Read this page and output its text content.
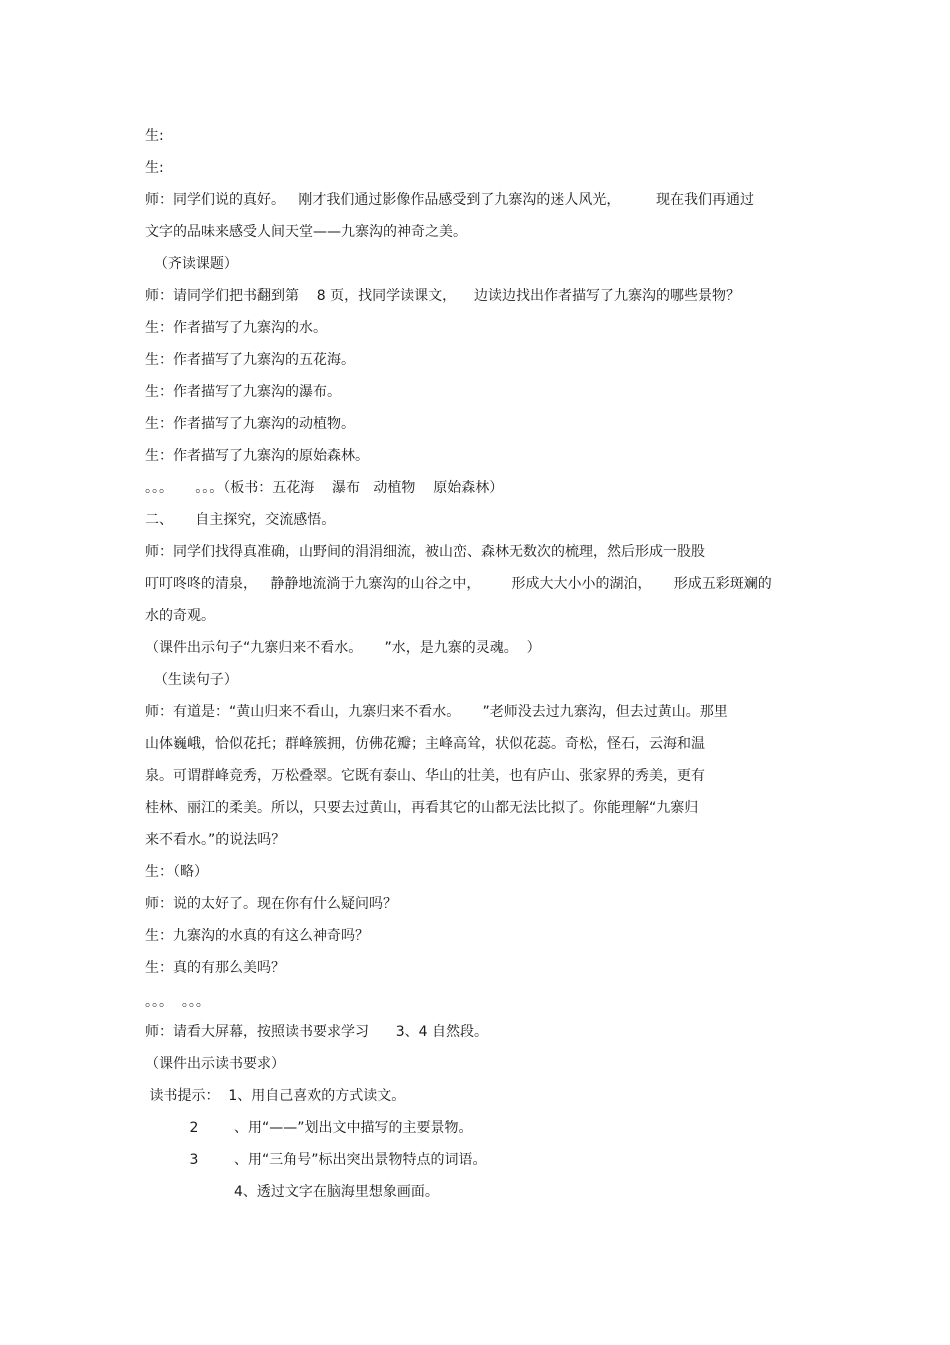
生:
生:
师：同学们说的真好。   刚才我们通过影像作品感受到了九寨沟的迷人风光，        现在我们再通过
文字的品味来感受人间天堂——九寨沟的神奇之美。
（齐读课题）
师：请同学们把书翻到第    8 页，找同学读课文，    边读边找出作者描写了九寨沟的哪些景物？
生：作者描写了九寨沟的水。
生：作者描写了九寨沟的五花海。
生：作者描写了九寨沟的瀑布。
生：作者描写了九寨沟的动植物。
生：作者描写了九寨沟的原始森林。
。。。     。。。（板书：五花海    瀑布   动植物    原始森林）
二、     自主探究，交流感悟。
师：同学们找得真准确，山野间的涓涓细流，被山峦、森林无数次的梳理，然后形成一股股
叮叮咚咚的清泉，   静静地流淌于九寨沟的山谷之中，       形成大大小小的湖泊，     形成五彩斑斓的
水的奇观。
（课件出示句子“九寨归来不看水。     ”水，是九寨的灵魂。  ）
（生读句子）
师：有道是：“黄山归来不看山，九寨归来不看水。     ”老师没去过九寨沟，但去过黄山。那里
山体巍峨，恰似花托；群峰簇拥，仿佛花瓣；主峰高耸，状似花蕊。奇松，怪石，云海和温
泉。可谓群峰竞秀，万松叠翠。它既有泰山、华山的壮美，也有庐山、张家界的秀美，更有
桂林、丽江的柔美。所以，只要去过黄山，再看其它的山都无法比拟了。你能理解“九寨归
来不看水。”的说法吗？
生：（略）
师：说的太好了。现在你有什么疑问吗？
生：九寨沟的水真的有这么神奇吗？
生：真的有那么美吗？
。。。  。。。
师：请看大屏幕，按照读书要求学习      3、4 自然段。
（课件出示读书要求）
读书提示：  1、用自己喜欢的方式读文。
2        、用“——”划出文中描写的主要景物。
3        、用“三角号”标出突出景物特点的词语。
4、透过文字在脑海里想象画面。
